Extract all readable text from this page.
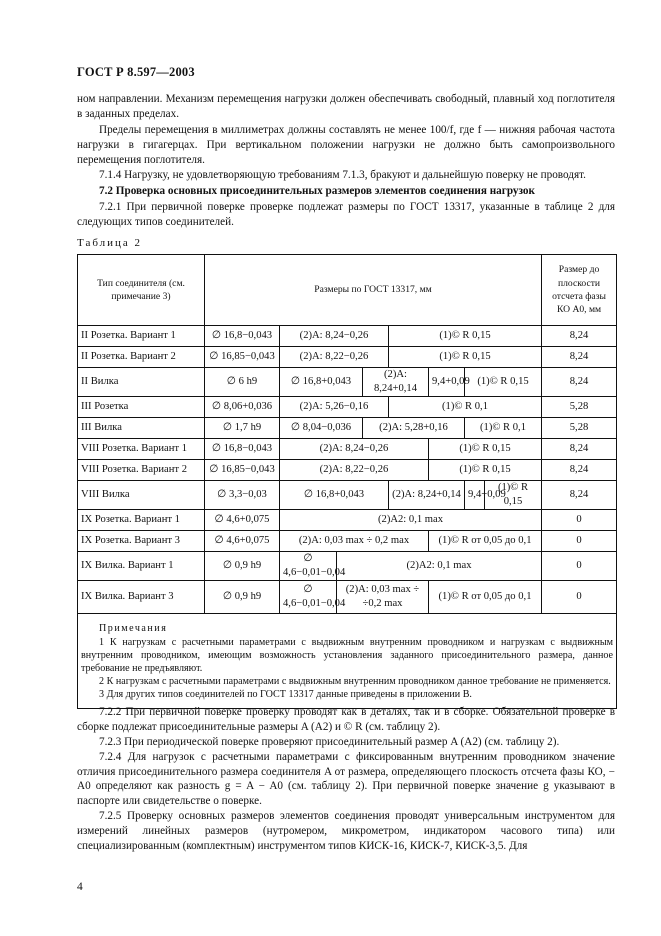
ГОСТ Р 8.597—2003

ном направлении. Механизм перемещения нагрузки должен обеспечивать свободный, плавный ход поглотителя в заданных пределах.

Пределы перемещения в миллиметрах должны составлять не менее 100/f, где f — нижняя рабочая частота нагрузки в гигагерцах. При вертикальном положении нагрузки не должно быть самопроизвольного перемещения поглотителя.

7.1.4 Нагрузку, не удовлетворяющую требованиям 7.1.3, бракуют и дальнейшую поверку не проводят.

7.2 Проверка основных присоединительных размеров элементов соединения нагрузок

7.2.1 При первичной поверке проверке подлежат размеры по ГОСТ 13317, указанные в таблице 2 для следующих типов соединителей.

Таблица 2
Тип соединителя (см. примечание 3)	Размеры по ГОСТ 13317, мм								Размер до плоскости отсчета фазы КО A0, мм
II Розетка. Вариант 1	∅ 16,8−0,043	(2)A: 8,24−0,26			(1)© R 0,15				8,24
II Розетка. Вариант 2	∅ 16,85−0,043	(2)A: 8,22−0,26			(1)© R 0,15				8,24
II Вилка	∅ 6 h9	∅ 16,8+0,043		(2)A: 8,24+0,14		9,4+0,09	(1)© R 0,15		8,24
III Розетка	∅ 8,06+0,036	(2)A: 5,26−0,16			(1)© R 0,1				5,28
III Вилка	∅ 1,7 h9	∅ 8,04−0,036		(2)A: 5,28+0,16			(1)© R 0,1		5,28
VIII Розетка. Вариант 1	∅ 16,8−0,043	(2)A: 8,24−0,26				(1)© R 0,15			8,24
VIII Розетка. Вариант 2	∅ 16,85−0,043	(2)A: 8,22−0,26				(1)© R 0,15			8,24
VIII Вилка	∅ 3,3−0,03	∅ 16,8+0,043			(2)A: 8,24+0,14		9,4+0,09	(1)© R 0,15	8,24
IX Розетка. Вариант 1	∅ 4,6+0,075	(2)A2: 0,1 max							0
IX Розетка. Вариант 3	∅ 4,6+0,075	(2)A: 0,03 max ÷ 0,2 max				(1)© R от 0,05 до 0,1			0
IX Вилка. Вариант 1	∅ 0,9 h9	∅ 4,6−0,01−0,04	(2)A2: 0,1 max						0
IX Вилка. Вариант 3	∅ 0,9 h9	∅ 4,6−0,01−0,04	(2)A: 0,03 max ÷ ÷0,2 max			(1)© R от 0,05 до 0,1			0

Примечания

1 К нагрузкам с расчетными параметрами с выдвижным внутренним проводником и нагрузкам с выдвижным внутренним проводником, имеющим возможность установления заданного присоединительного размера, данное требование не предъявляют.

2 К нагрузкам с расчетными параметрами с выдвижным внутренним проводником данное требование не применяется.

3 Для других типов соединителей по ГОСТ 13317 данные приведены в приложении В.									

7.2.2 При первичной поверке проверку проводят как в деталях, так и в сборке. Обязательной проверке в сборке подлежат присоединительные размеры A (A2) и © R (см. таблицу 2).

7.2.3 При периодической поверке проверяют присоединительный размер A (A2) (см. таблицу 2).

7.2.4 Для нагрузок с расчетными параметрами с фиксированным внутренним проводником значение отличия присоединительного размера соединителя A от размера, определяющего плоскость отсчета фазы КО, − A0 определяют как разность g = A − A0 (см. таблицу 2). При первичной поверке значение g указывают в паспорте или свидетельстве о поверке.

7.2.5 Проверку основных размеров элементов соединения проводят универсальным инструментом для измерений линейных размеров (нутромером, микрометром, индикатором часового типа) или специализированным (комплектным) инструментом типов КИСК-16, КИСК-7, КИСК-3,5. Для

4
